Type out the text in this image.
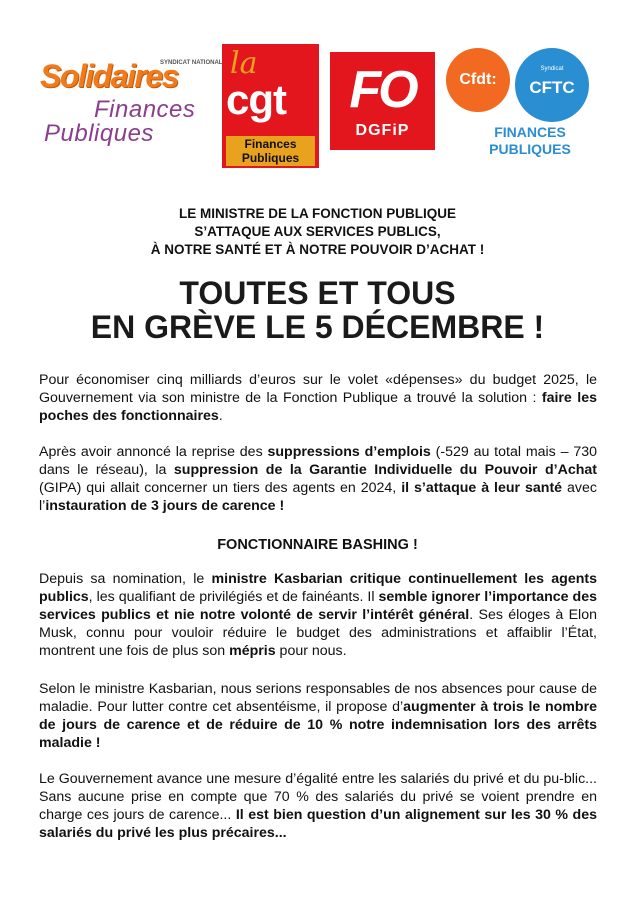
SYNDICAT NATIONAL
Solidaires
Finances
Publiques
la
cgt
Finances Publiques
FO
DGFiP
Cfdt:
Syndicat
CFTC
FINANCES
PUBLIQUES
LE MINISTRE DE LA FONCTION PUBLIQUE
S’ATTAQUE AUX SERVICES PUBLICS,
À NOTRE SANTÉ ET À NOTRE POUVOIR D’ACHAT !
TOUTES ET TOUS
EN GRÈVE LE 5 DÉCEMBRE !

Pour économiser cinq milliards d’euros sur le volet «dépenses» du budget 2025, le Gouvernement via son ministre de la Fonction Publique a trouvé la solution : faire les poches des fonctionnaires.

Après avoir annoncé la reprise des suppressions d’emplois (-529 au total mais – 730 dans le réseau), la suppression de la Garantie Individuelle du Pouvoir d’Achat (GIPA) qui allait concerner un tiers des agents en 2024, il s’attaque à leur santé avec l’instauration de 3 jours de carence !

FONCTIONNAIRE BASHING !

Depuis sa nomination, le ministre Kasbarian critique continuellement les agents publics, les qualifiant de privilégiés et de fainéants. Il semble ignorer l’importance des services publics et nie notre volonté de servir l’intérêt général. Ses éloges à Elon Musk, connu pour vouloir réduire le budget des administrations et affaiblir l’État, montrent une fois de plus son mépris pour nous.

Selon le ministre Kasbarian, nous serions responsables de nos absences pour cause de maladie. Pour lutter contre cet absentéisme, il propose d’augmenter à trois le nombre de jours de carence et de réduire de 10 % notre indemnisation lors des arrêts maladie !

Le Gouvernement avance une mesure d’égalité entre les salariés du privé et du pu-blic... Sans aucune prise en compte que 70 % des salariés du privé se voient prendre en charge ces jours de carence... Il est bien question d’un alignement sur les 30 % des salariés du privé les plus précaires...
